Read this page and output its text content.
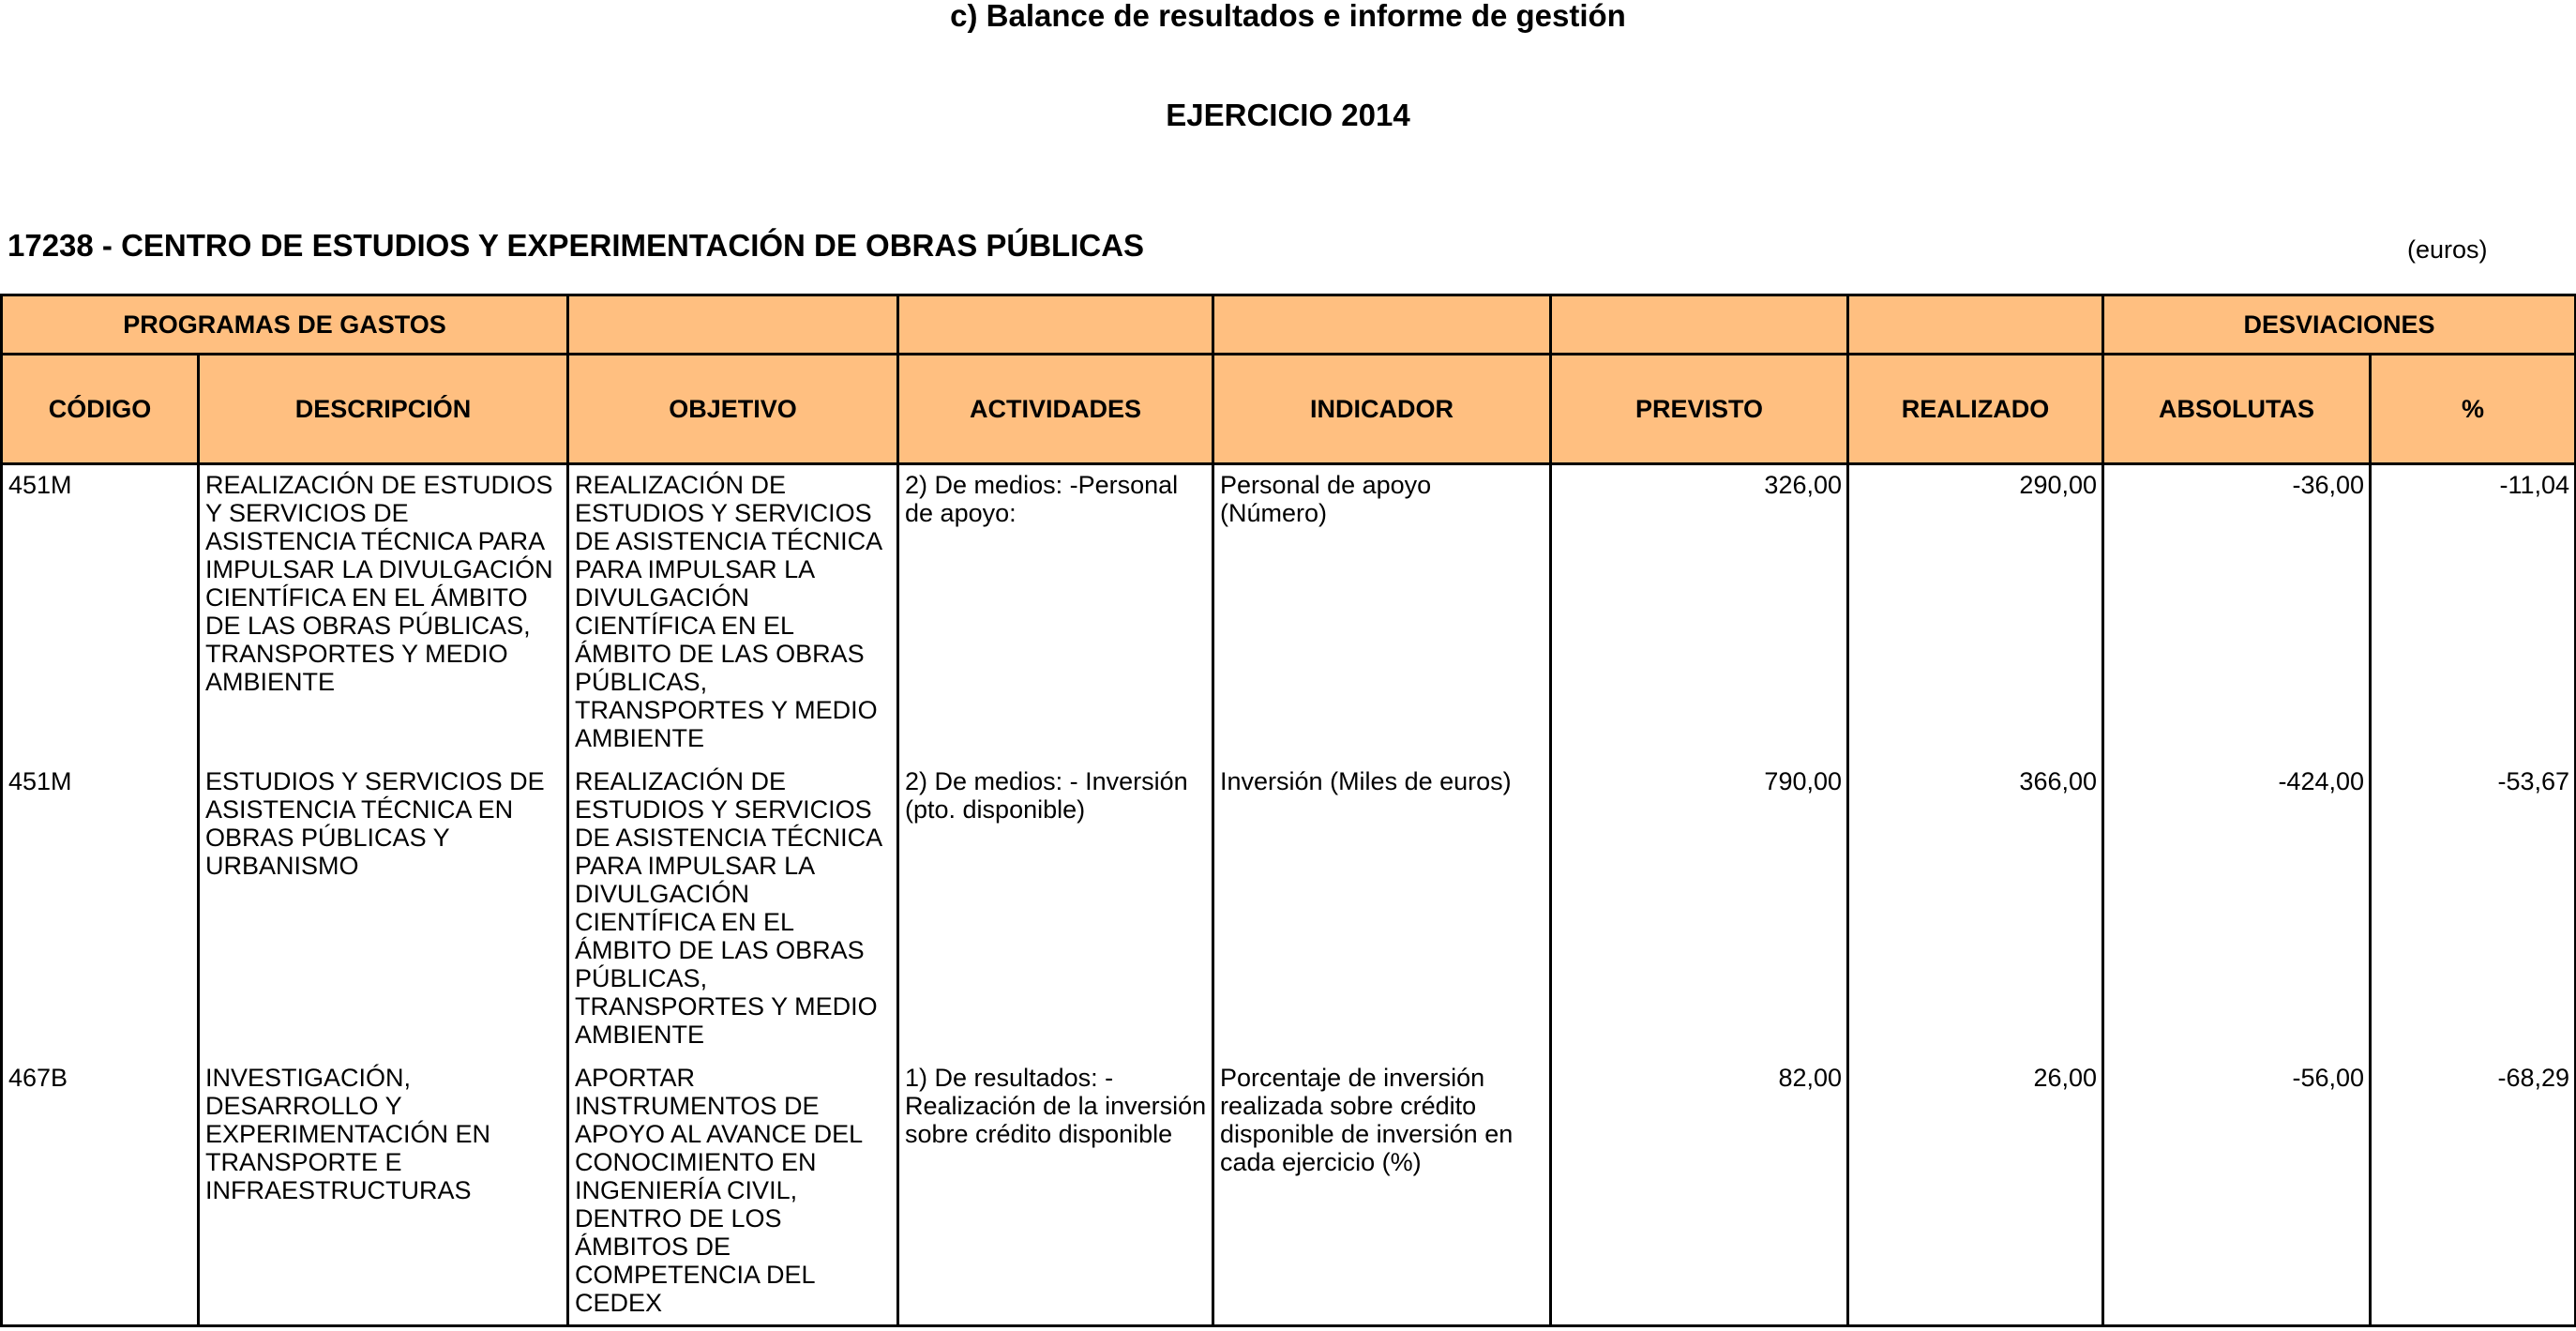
c) Balance de resultados e informe de gestión
EJERCICIO 2014
17238 - CENTRO DE ESTUDIOS Y EXPERIMENTACIÓN DE OBRAS PÚBLICAS	(euros)
PROGRAMAS DE GASTOS							DESVIACIONES	
CÓDIGO	DESCRIPCIÓN	OBJETIVO	ACTIVIDADES	INDICADOR	PREVISTO	REALIZADO	ABSOLUTAS	%
451M	REALIZACIÓN DE ESTUDIOS Y SERVICIOS DE ASISTENCIA TÉCNICA PARA IMPULSAR LA DIVULGACIÓN CIENTÍFICA EN EL ÁMBITO DE LAS OBRAS PÚBLICAS, TRANSPORTES Y MEDIO AMBIENTE	REALIZACIÓN DE ESTUDIOS Y SERVICIOS DE ASISTENCIA TÉCNICA PARA IMPULSAR LA DIVULGACIÓN CIENTÍFICA EN EL ÁMBITO DE LAS OBRAS PÚBLICAS, TRANSPORTES Y MEDIO AMBIENTE	2) De medios: -Personal de apoyo:	Personal de apoyo (Número)	326,00	290,00	-36,00	-11,04
451M	ESTUDIOS Y SERVICIOS DE ASISTENCIA TÉCNICA EN OBRAS PÚBLICAS Y URBANISMO	REALIZACIÓN DE ESTUDIOS Y SERVICIOS DE ASISTENCIA TÉCNICA PARA IMPULSAR LA DIVULGACIÓN CIENTÍFICA EN EL ÁMBITO DE LAS OBRAS PÚBLICAS, TRANSPORTES Y MEDIO AMBIENTE	2) De medios: - Inversión (pto. disponible)	Inversión (Miles de euros)	790,00	366,00	-424,00	-53,67
467B	INVESTIGACIÓN, DESARROLLO Y EXPERIMENTACIÓN EN TRANSPORTE E INFRAESTRUCTURAS	APORTAR INSTRUMENTOS DE APOYO AL AVANCE DEL CONOCIMIENTO EN INGENIERÍA CIVIL, DENTRO DE LOS ÁMBITOS DE COMPETENCIA DEL CEDEX	1) De resultados: - Realización de la inversión sobre crédito disponible	Porcentaje de inversión realizada sobre crédito disponible de inversión en cada ejercicio (%)	82,00	26,00	-56,00	-68,29
